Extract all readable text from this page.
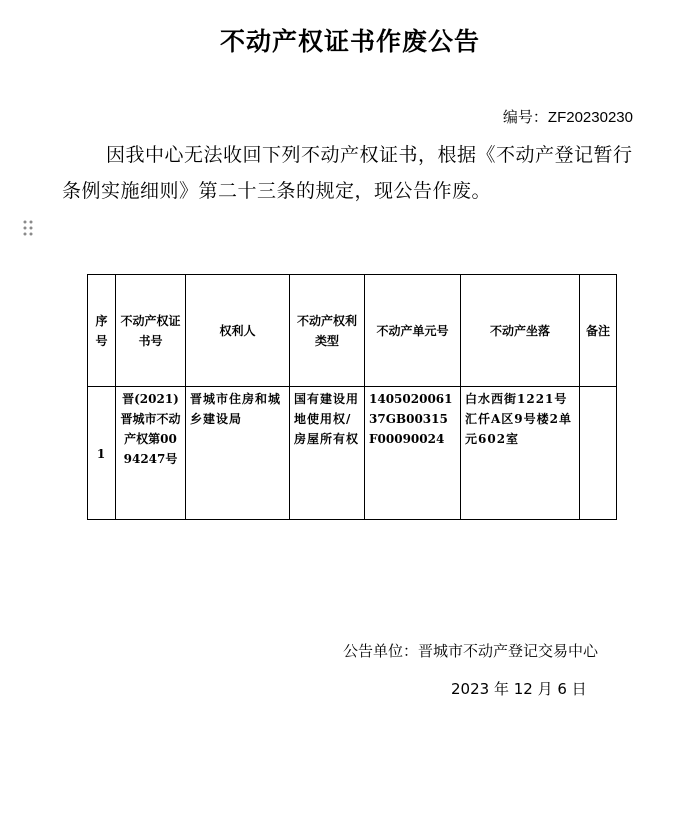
不动产权证书作废公告
编号：ZF20230230
因我中心无法收回下列不动产权证书，根据《不动产登记暂行条例实施细则》第二十三条的规定，现公告作废。
序号	不动产权证书号	权利人	不动产权利类型	不动产单元号	不动产坐落	备注
1	晋(2021)晋城市不动产权第0094247号	晋城市住房和城乡建设局	国有建设用地使用权/房屋所有权	140502006137GB00315F00090024	白水西街1221号汇仟A区9号楼2单元602室	
公告单位：晋城市不动产登记交易中心
2023 年 12 月 6 日
